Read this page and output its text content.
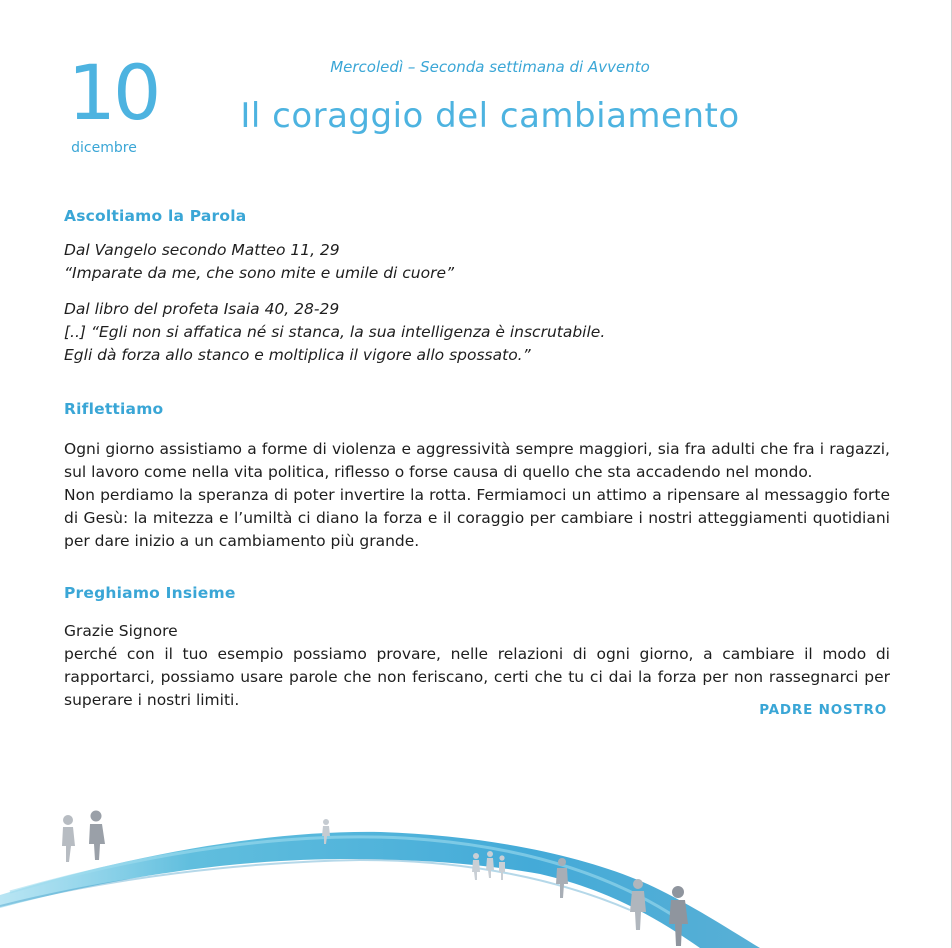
10
dicembre
Mercoledì – Seconda settimana di Avvento
Il coraggio del cambiamento
Ascoltiamo la Parola
Dal Vangelo secondo Matteo 11, 29
“Imparate da me, che sono mite e umile di cuore”
Dal libro del profeta Isaia 40, 28-29
[..] “Egli non si affatica né si stanca, la sua intelligenza è inscrutabile.
Egli dà forza allo stanco e moltiplica il vigore allo spossato.”
Riflettiamo

Ogni giorno assistiamo a forme di violenza e aggressività sempre maggiori, sia fra adulti che fra i ragazzi, sul lavoro come nella vita politica, riflesso o forse causa di quello che sta accadendo nel mondo.

Non perdiamo la speranza di poter invertire la rotta. Fermiamoci un attimo a ripensare al messaggio forte di Gesù: la mitezza e l’umiltà ci diano la forza e il coraggio per cambiare i nostri atteggiamenti quotidiani per dare inizio a un cambiamento più grande.

Preghiamo Insieme

Grazie Signore

perché con il tuo esempio possiamo provare, nelle relazioni di ogni giorno, a cambiare il modo di rapportarci, possiamo usare parole che non feriscano, certi che tu ci dai la forza per non rassegnarci per superare i nostri limiti.

PADRE NOSTRO
